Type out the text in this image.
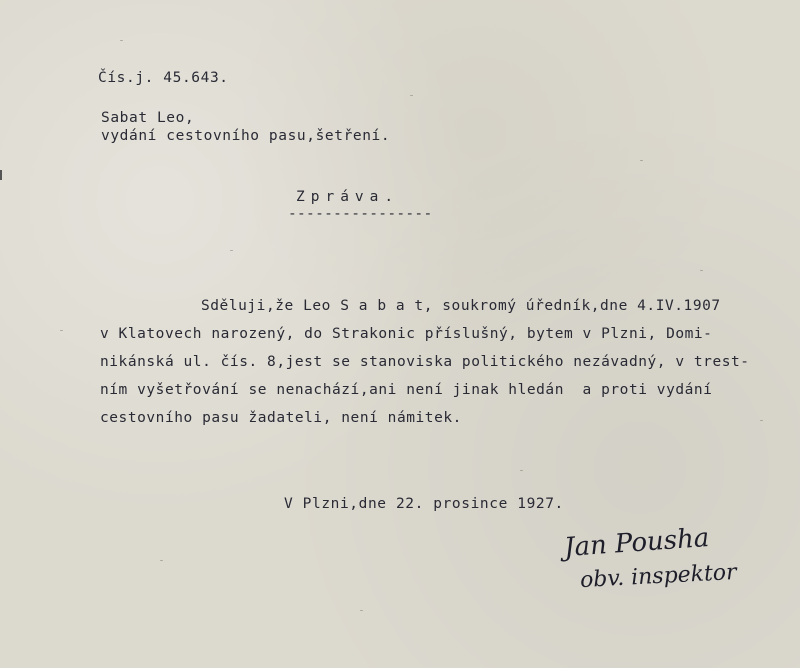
Čís.j. 45.643.
Sabat Leo,
vydání cestovního pasu,šetření.
Zpráva.
----------------

Sděluji,že Leo S a b a t, soukromý úředník,dne 4.IV.1907

v Klatovech narozený, do Strakonic příslušný, bytem v Plzni, Domi-

nikánská ul. čís. 8,jest se stanoviska politického nezávadný, v trest-

ním vyšetřování se nenachází,ani není jinak hledán  a proti vydání

cestovního pasu žadateli, není námitek.

V Plzni,dne 22. prosince 1927.
Jan Pousha
obv. inspektor
